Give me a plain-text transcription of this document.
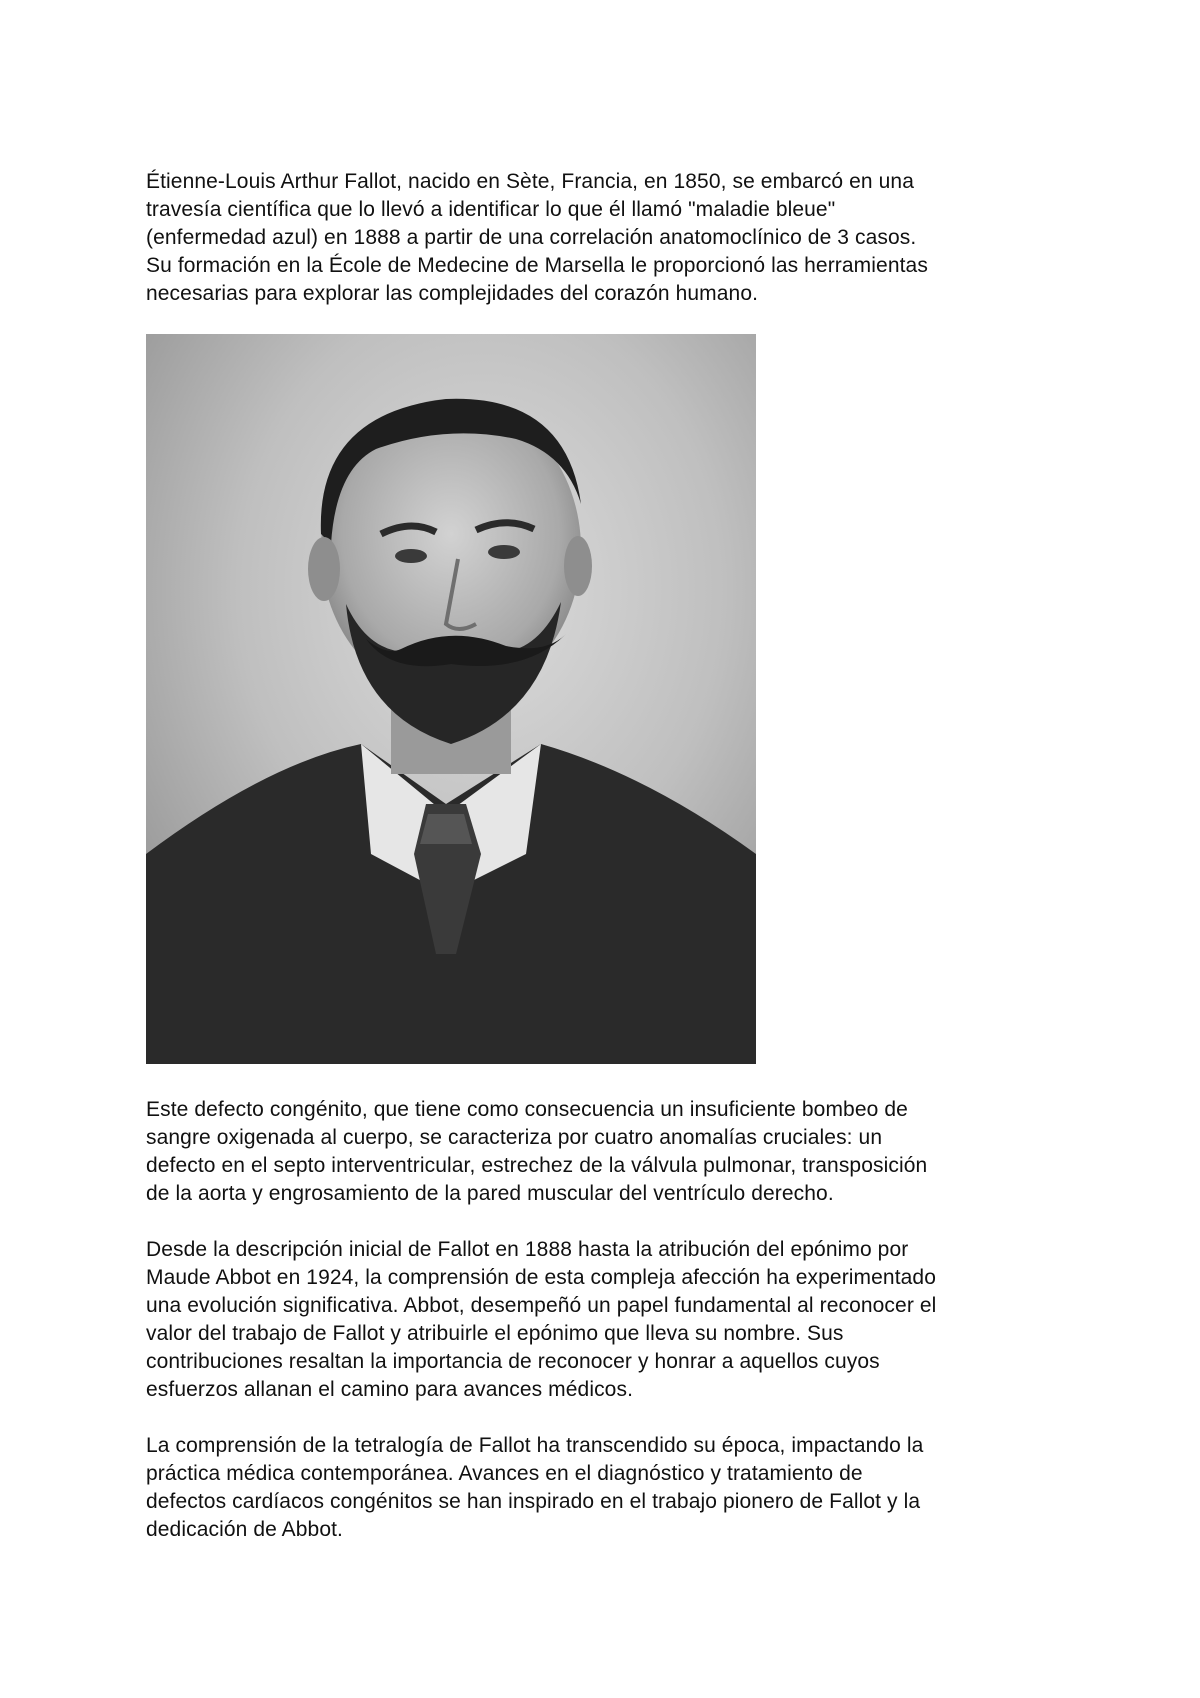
Étienne-Louis Arthur Fallot, nacido en Sète, Francia, en 1850, se embarcó en una
travesía científica que lo llevó a identificar lo que él llamó "maladie bleue"
(enfermedad azul) en 1888 a partir de una correlación anatomoclínico de 3 casos.
Su formación en la École de Medecine de Marsella le proporcionó las herramientas
necesarias para explorar las complejidades del corazón humano.

Este defecto congénito, que tiene como consecuencia un insuficiente bombeo de
sangre oxigenada al cuerpo, se caracteriza por cuatro anomalías cruciales: un
defecto en el septo interventricular, estrechez de la válvula pulmonar, transposición
de la aorta y engrosamiento de la pared muscular del ventrículo derecho.

Desde la descripción inicial de Fallot en 1888 hasta la atribución del epónimo por
Maude Abbot en 1924, la comprensión de esta compleja afección ha experimentado
una evolución significativa. Abbot, desempeñó un papel fundamental al reconocer el
valor del trabajo de Fallot y atribuirle el epónimo que lleva su nombre. Sus
contribuciones resaltan la importancia de reconocer y honrar a aquellos cuyos
esfuerzos allanan el camino para avances médicos.

La comprensión de la tetralogía de Fallot ha transcendido su época, impactando la
práctica médica contemporánea. Avances en el diagnóstico y tratamiento de
defectos cardíacos congénitos se han inspirado en el trabajo pionero de Fallot y la
dedicación de Abbot.
